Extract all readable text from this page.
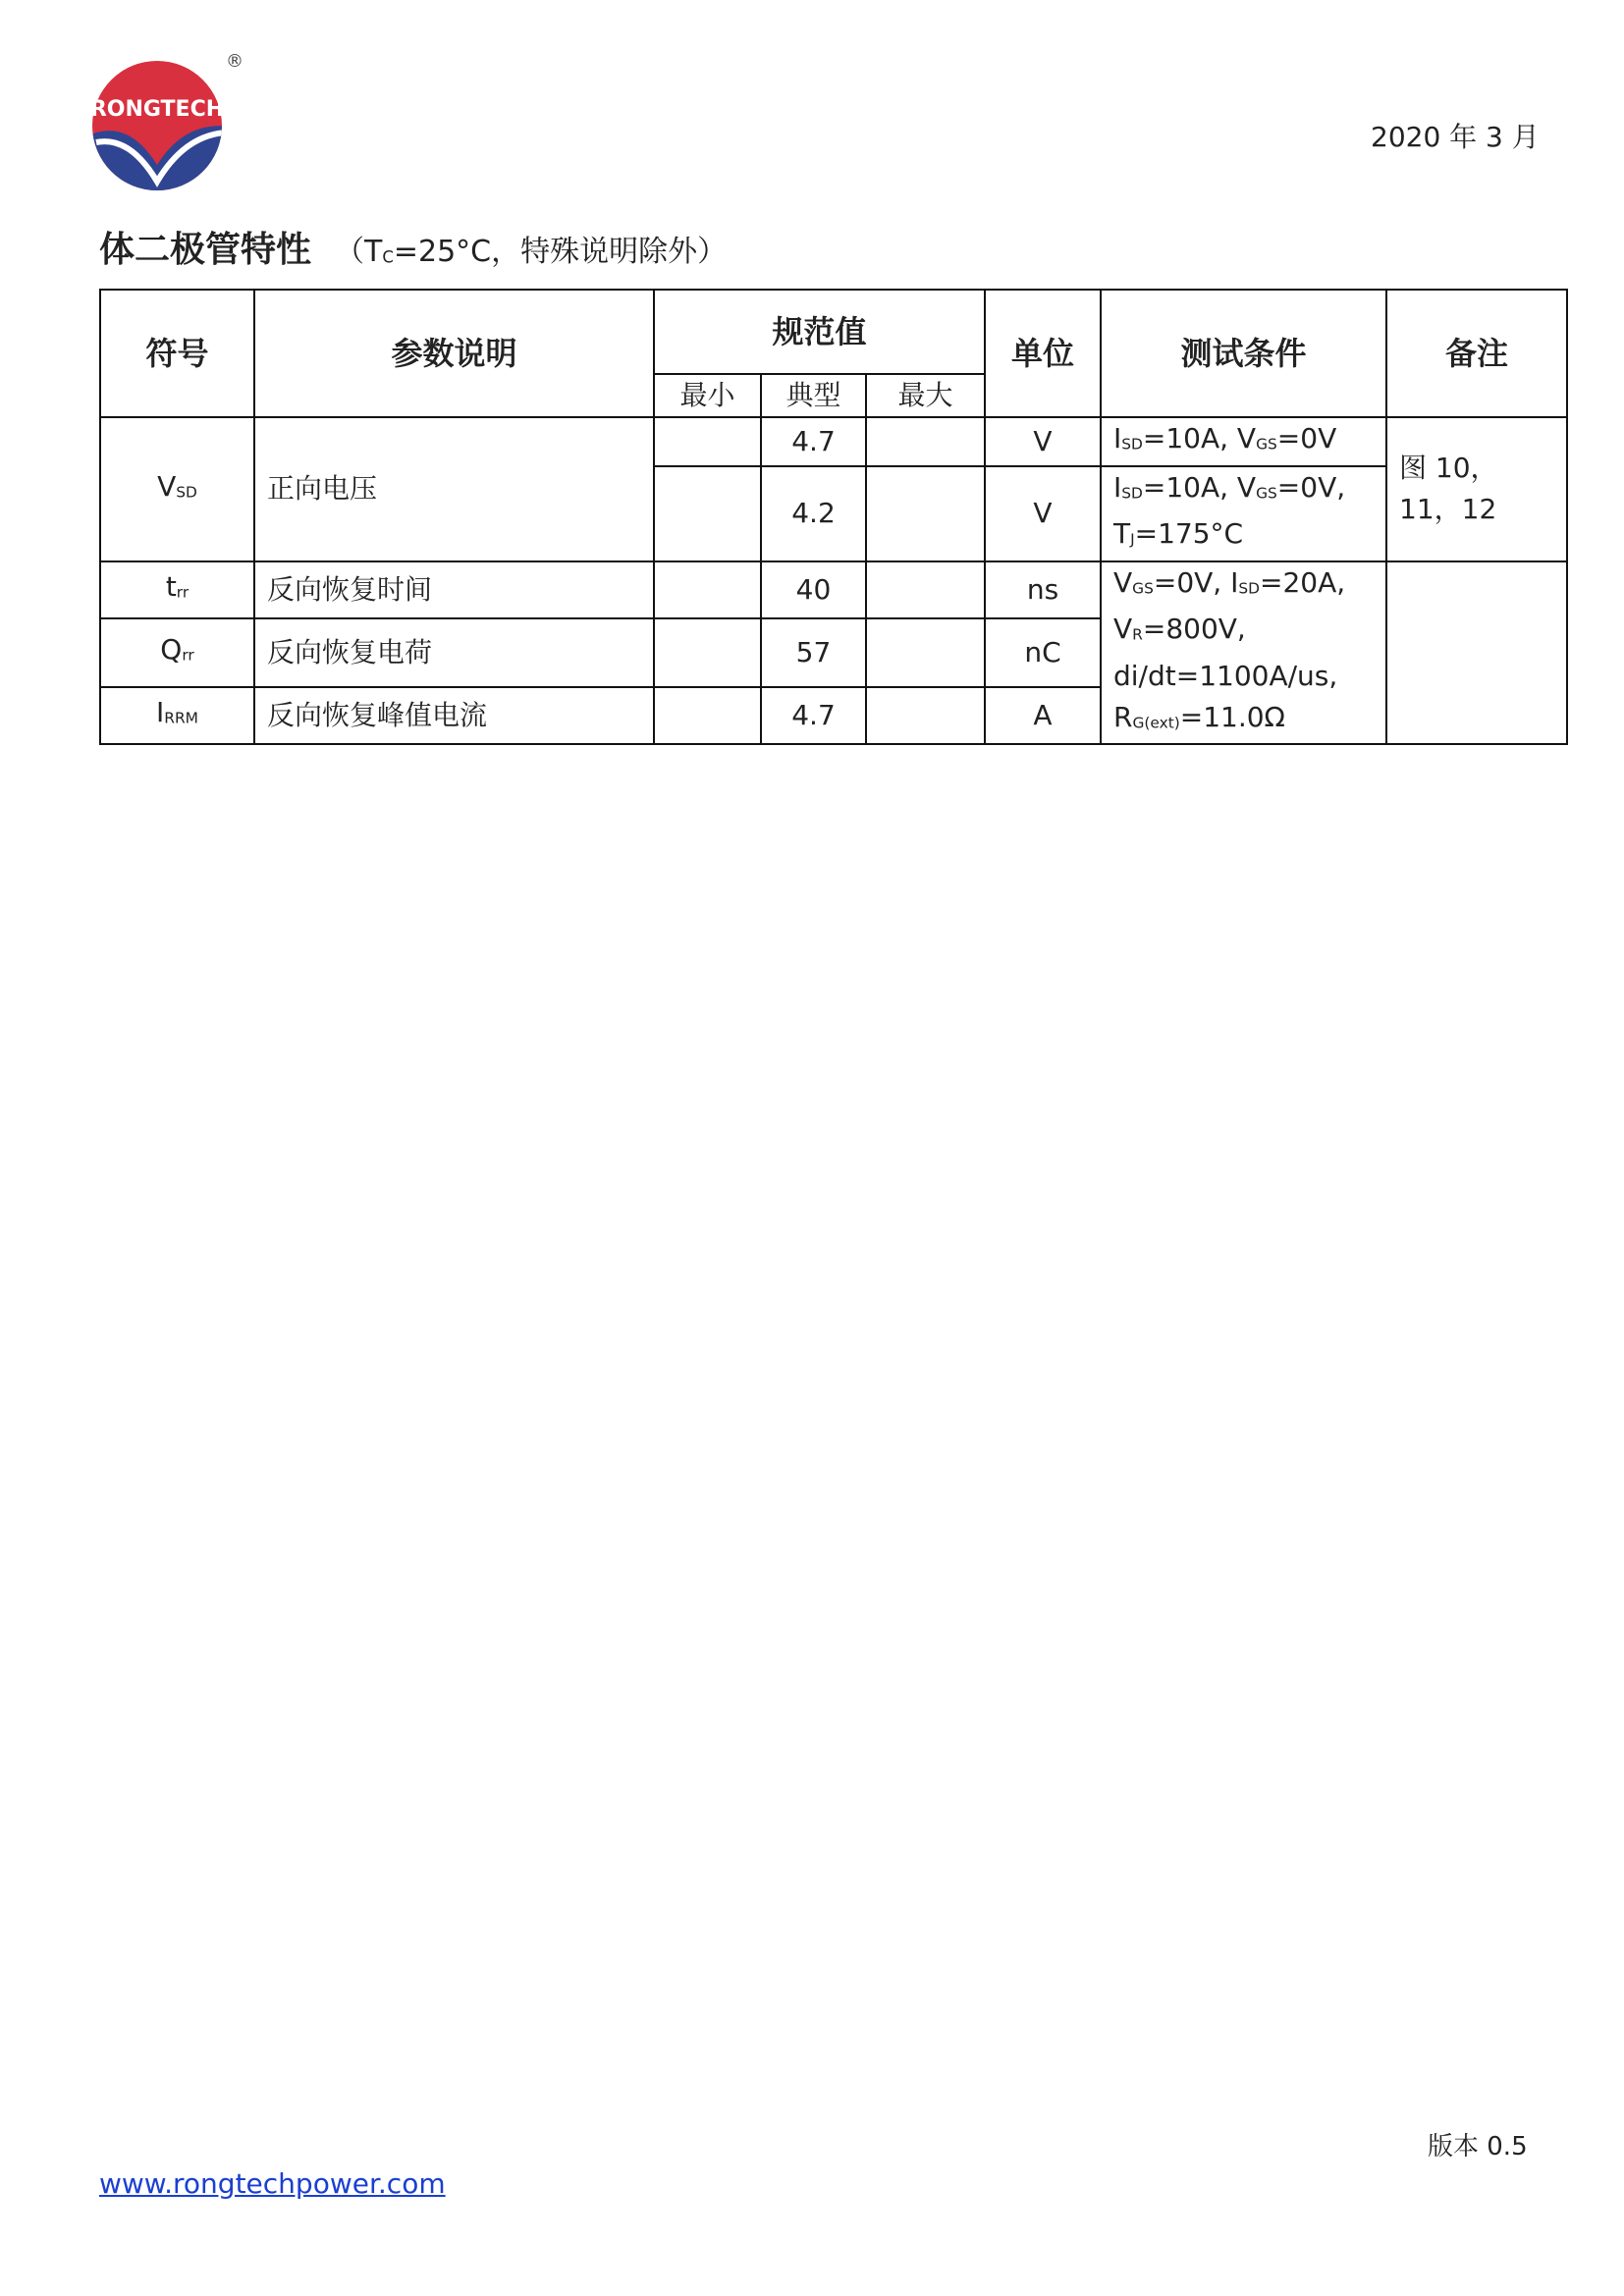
RONGTECH
®
2020 年 3 月
体二极管特性 （$T_C=25^\circ C$，特殊说明除外）
符号	参数说明	规范值			单位	测试条件	备注
		最小	典型	最大			
$V_{SD}$	正向电压		4.7		V	$I_{SD}=10A$, $V_{GS}=0V$	图 10， 11，12
			4.2		V	$I_{SD}=10A$, $V_{GS}=0V$,
$T_J=175^\circ C$	
$t_{rr}$	反向恢复时间		40		ns	$V_{GS}=0V$, $I_{SD}=20A$,
$V_R=800V$,
di/dt=1100A/us,
$R_{G(ext)}=11.0\Omega$	
$Q_{rr}$	反向恢复电荷		57		nC		
$I_{RRM}$	反向恢复峰值电流		4.7		A		
版本 0.5
www.rongtechpower.com
